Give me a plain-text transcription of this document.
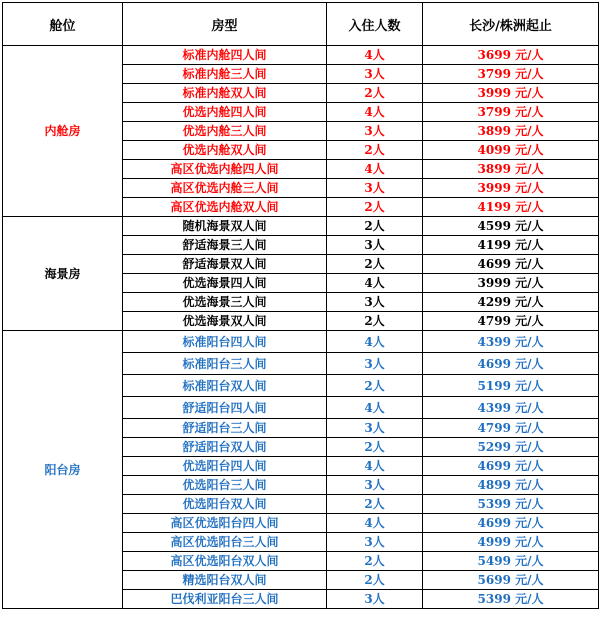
舱位	房型	入住人数	长沙/株洲起止
内舱房	标准内舱四人间	4人	3699 元/人
	标准内舱三人间	3人	3799 元/人
	标准内舱双人间	2人	3999 元/人
	优选内舱四人间	4人	3799 元/人
	优选内舱三人间	3人	3899 元/人
	优选内舱双人间	2人	4099 元/人
	高区优选内舱四人间	4人	3899 元/人
	高区优选内舱三人间	3人	3999 元/人
	高区优选内舱双人间	2人	4199 元/人
海景房	随机海景双人间	2人	4599 元/人
	舒适海景三人间	3人	4199 元/人
	舒适海景双人间	2人	4699 元/人
	优选海景四人间	4人	3999 元/人
	优选海景三人间	3人	4299 元/人
	优选海景双人间	2人	4799 元/人
阳台房	标准阳台四人间	4人	4399 元/人
	标准阳台三人间	3人	4699 元/人
	标准阳台双人间	2人	5199 元/人
	舒适阳台四人间	4人	4399 元/人
	舒适阳台三人间	3人	4799 元/人
	舒适阳台双人间	2人	5299 元/人
	优选阳台四人间	4人	4699 元/人
	优选阳台三人间	3人	4899 元/人
	优选阳台双人间	2人	5399 元/人
	高区优选阳台四人间	4人	4699 元/人
	高区优选阳台三人间	3人	4999 元/人
	高区优选阳台双人间	2人	5499 元/人
	精选阳台双人间	2人	5699 元/人
	巴伐利亚阳台三人间	3人	5399 元/人
